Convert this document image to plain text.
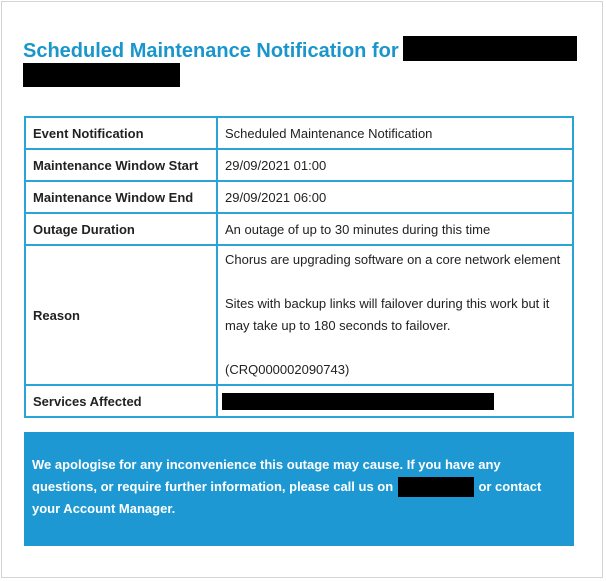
Scheduled Maintenance Notification for
Event Notification	Scheduled Maintenance Notification
Maintenance Window Start	29/09/2021 01:00
Maintenance Window End	29/09/2021 06:00
Outage Duration	An outage of up to 30 minutes during this time
Reason	Chorus are upgrading software on a core network element

Sites with backup links will failover during this work but it may take up to 180 seconds to failover.

(CRQ000002090743)

Services Affected	
We apologise for any inconvenience this outage may cause. If you have any questions, or require further information, please call us on	or contact your Account Manager.
